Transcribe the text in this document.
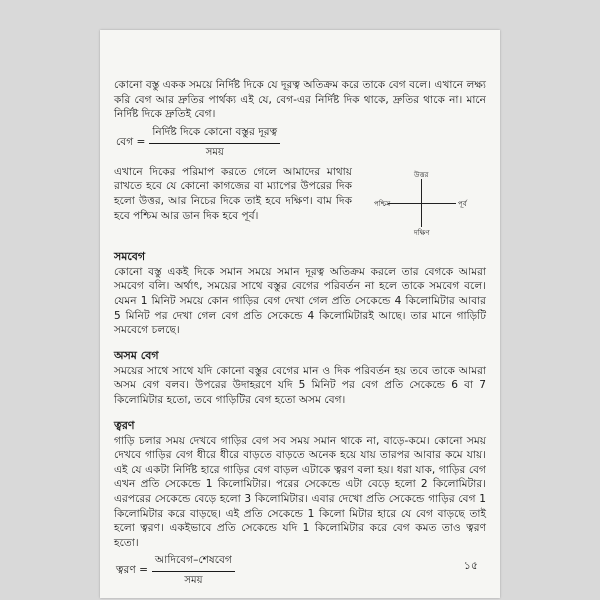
কোনো বস্তু একক সময়ে নির্দিষ্ট দিকে যে দূরত্ব অতিক্রম করে তাকে বেগ বলে। এখানে লক্ষ্য করি বেগ আর দ্রুতির পার্থক্য এই যে, বেগ-এর নির্দিষ্ট দিক থাকে, দ্রুতির থাকে না। মানে নির্দিষ্ট দিকে দ্রুতিই বেগ।

বেগ = $\frac{\text{নির্দিষ্ট দিকে কোনো বস্তুর দূরত্ব}}{\text{সময়}}$

এখানে দিকের পরিমাপ করতে গেলে আমাদের মাথায় রাখতে হবে যে কোনো কাগজের বা ম্যাপের উপরের দিক হলো উত্তর, আর নিচের দিকে তাই হবে দক্ষিণ। বাম দিক হবে পশ্চিম আর ডান দিক হবে পূর্ব।

উত্তর
দক্ষিণ
পূর্ব
পশ্চিম
সমবেগ

কোনো বস্তু একই দিকে সমান সময়ে সমান দূরত্ব অতিক্রম করলে তার বেগকে আমরা সমবেগ বলি। অর্থাৎ, সময়ের সাথে বস্তুর বেগের পরিবর্তন না হলে তাকে সমবেগ বলে। যেমন 1 মিনিট সময়ে কোন গাড়ির বেগ দেখা গেল প্রতি সেকেন্ডে 4 কিলোমিটার আবার 5 মিনিট পর দেখা গেল বেগ প্রতি সেকেন্ডে 4 কিলোমিটারই আছে। তার মানে গাড়িটি সমবেগে চলছে।

অসম বেগ

সময়ের সাথে সাথে যদি কোনো বস্তুর বেগের মান ও দিক পরিবর্তন হয় তবে তাকে আমরা অসম বেগ বলব। উপরের উদাহরণে যদি 5 মিনিট পর বেগ প্রতি সেকেন্ডে 6 বা 7 কিলোমিটার হতো, তবে গাড়িটির বেগ হতো অসম বেগ।

ত্বরণ

গাড়ি চলার সময় দেখবে গাড়ির বেগ সব সময় সমান থাকে না, বাড়ে-কমে। কোনো সময় দেখবে গাড়ির বেগ ধীরে ধীরে বাড়তে বাড়তে অনেক হয়ে যায় তারপর আবার কমে যায়। এই যে একটা নির্দিষ্ট হারে গাড়ির বেগ বাড়ল এটাকে ত্বরণ বলা হয়। ধরা যাক, গাড়ির বেগ এখন প্রতি সেকেন্ডে 1 কিলোমিটার। পরের সেকেন্ডে এটা বেড়ে হলো 2 কিলোমিটার। এরপরের সেকেন্ডে বেড়ে হলো 3 কিলোমিটার। এবার দেখো প্রতি সেকেন্ডে গাড়ির বেগ 1 কিলোমিটার করে বাড়ছে। এই প্রতি সেকেন্ডে 1 কিলো মিটার হারে যে বেগ বাড়ছে তাই হলো ত্বরণ। একইভাবে প্রতি সেকেন্ডে যদি 1 কিলোমিটার করে বেগ কমত তাও ত্বরণ হতো।

ত্বরণ = $\frac{\text{আদিবেগ–শেষবেগ}}{\text{সময়}}$	১৫
